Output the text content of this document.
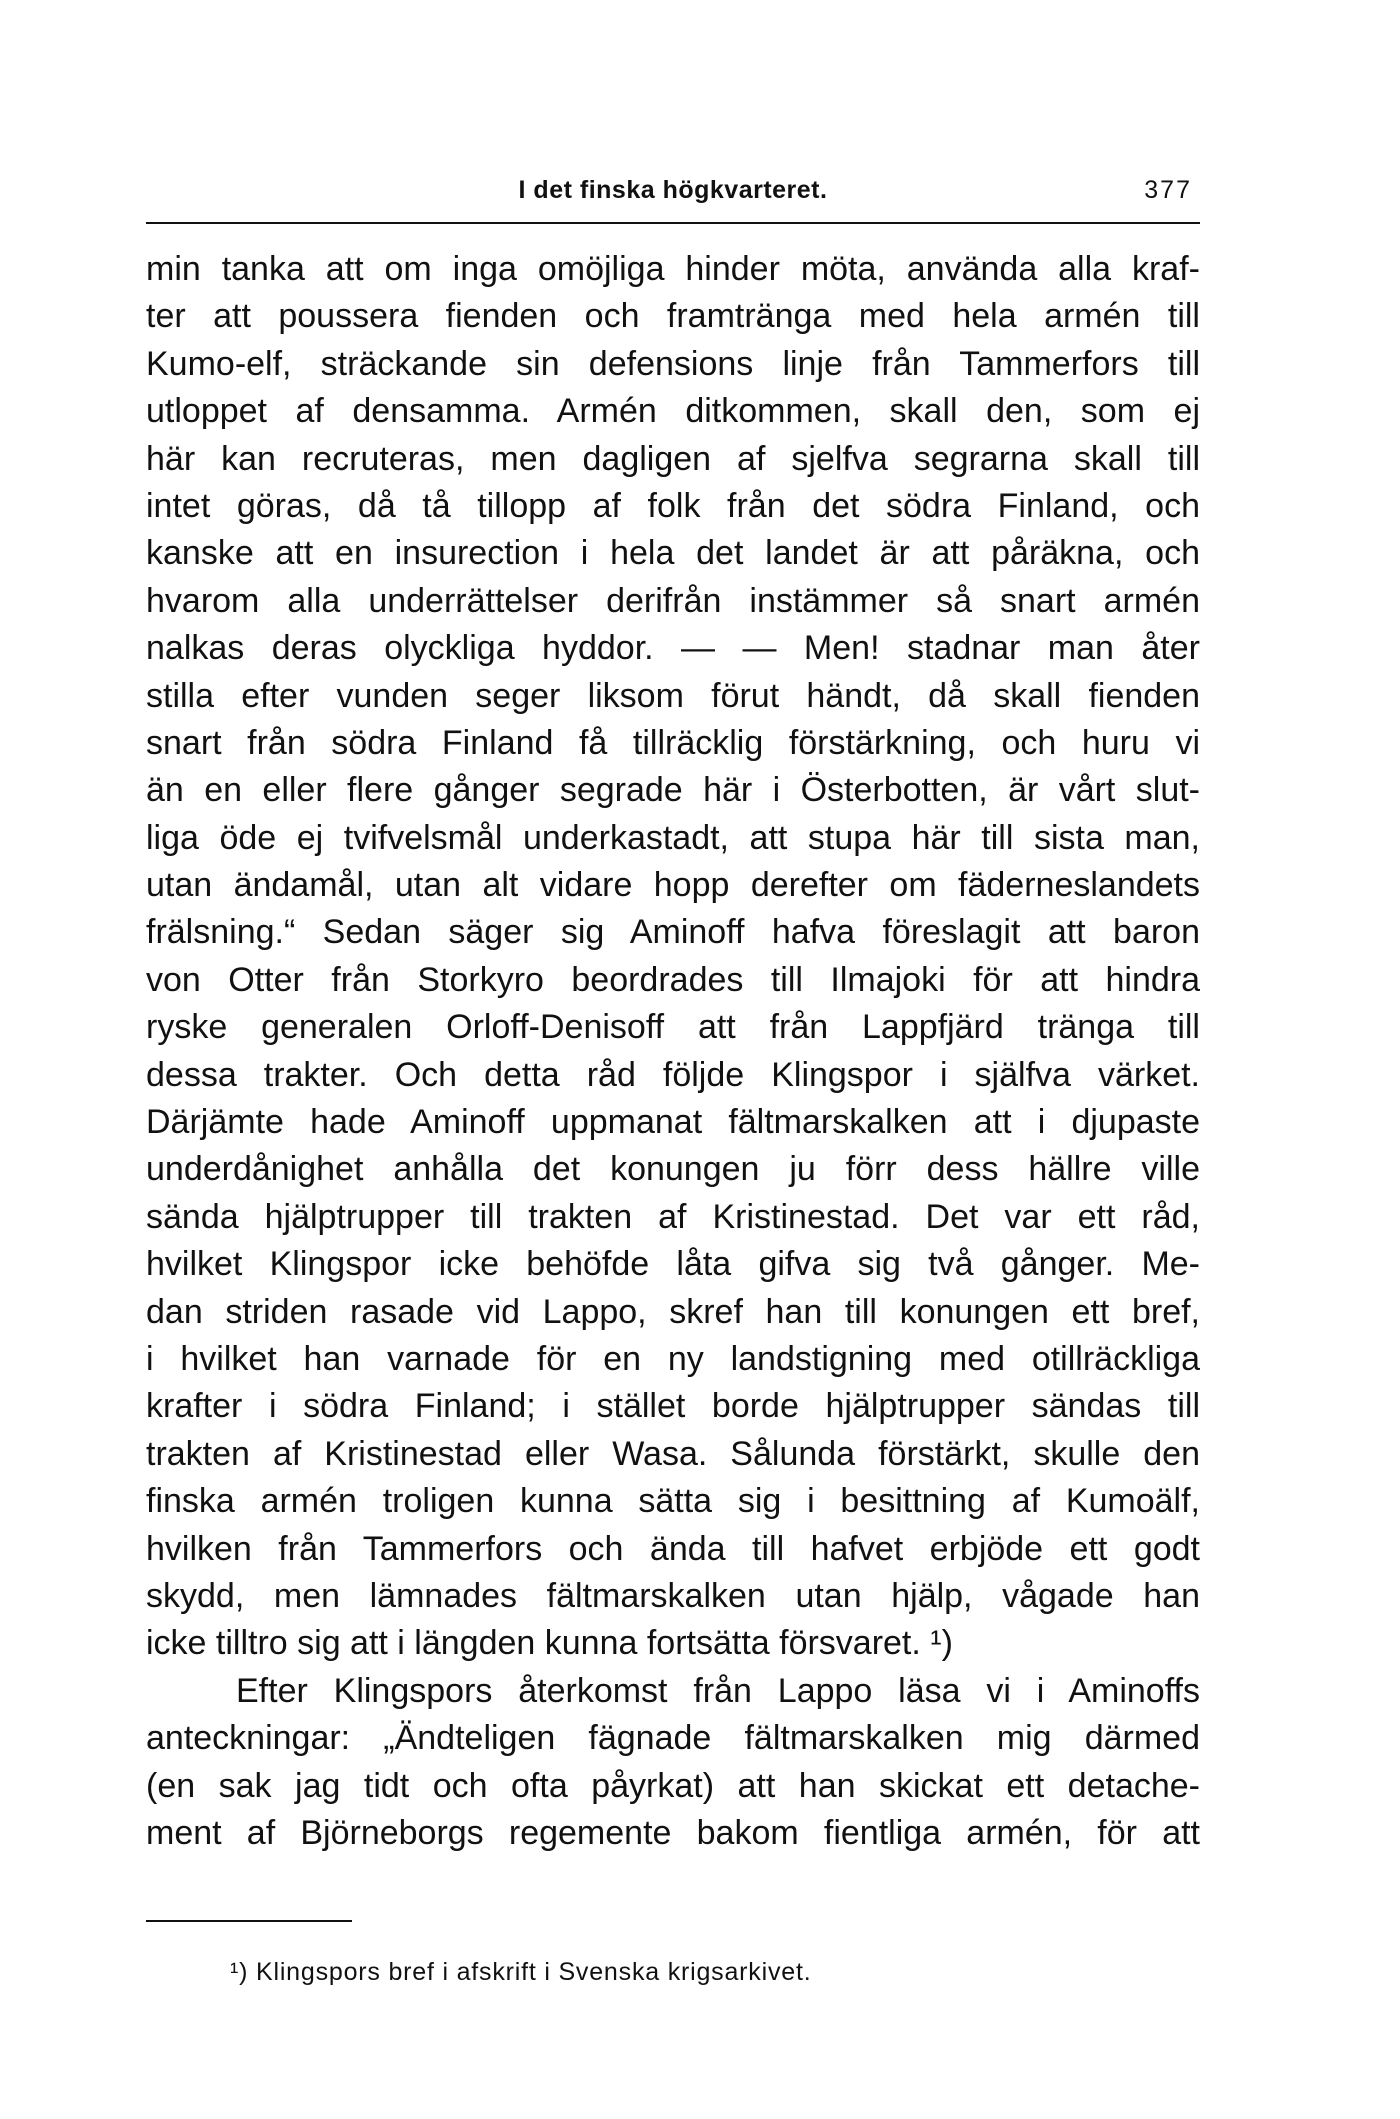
I det finska högkvarteret.	377
min tanka att om inga omöjliga hinder möta, använda alla kraf-
ter att poussera fienden och framtränga med hela armén till
Kumo-elf, sträckande sin defensions linje från Tammerfors till
utloppet af densamma. Armén ditkommen, skall den, som ej
här kan recruteras, men dagligen af sjelfva segrarna skall till
intet göras, då tå tillopp af folk från det södra Finland, och
kanske att en insurection i hela det landet är att påräkna, och
hvarom alla underrättelser derifrån instämmer så snart armén
nalkas deras olyckliga hyddor. — — Men! stadnar man åter
stilla efter vunden seger liksom förut händt, då skall fienden
snart från södra Finland få tillräcklig förstärkning, och huru vi
än en eller flere gånger segrade här i Österbotten, är vårt slut-
liga öde ej tvifvelsmål underkastadt, att stupa här till sista man,
utan ändamål, utan alt vidare hopp derefter om fäderneslandets
frälsning.“ Sedan säger sig Aminoff hafva föreslagit att baron
von Otter från Storkyro beordrades till Ilmajoki för att hindra
ryske generalen Orloff-Denisoff att från Lappfjärd tränga till
dessa trakter. Och detta råd följde Klingspor i själfva värket.
Därjämte hade Aminoff uppmanat fältmarskalken att i djupaste
underdånighet anhålla det konungen ju förr dess hällre ville
sända hjälptrupper till trakten af Kristinestad. Det var ett råd,
hvilket Klingspor icke behöfde låta gifva sig två gånger. Me-
dan striden rasade vid Lappo, skref han till konungen ett bref,
i hvilket han varnade för en ny landstigning med otillräckliga
krafter i södra Finland; i stället borde hjälptrupper sändas till
trakten af Kristinestad eller Wasa. Sålunda förstärkt, skulle den
finska armén troligen kunna sätta sig i besittning af Kumoälf,
hvilken från Tammerfors och ända till hafvet erbjöde ett godt
skydd, men lämnades fältmarskalken utan hjälp, vågade han
icke tilltro sig att i längden kunna fortsätta försvaret. ¹)
Efter Klingspors återkomst från Lappo läsa vi i Aminoffs
anteckningar: „Ändteligen fägnade fältmarskalken mig därmed
(en sak jag tidt och ofta påyrkat) att han skickat ett detache-
ment af Björneborgs regemente bakom fientliga armén, för att
¹) Klingspors bref i afskrift i Svenska krigsarkivet.
